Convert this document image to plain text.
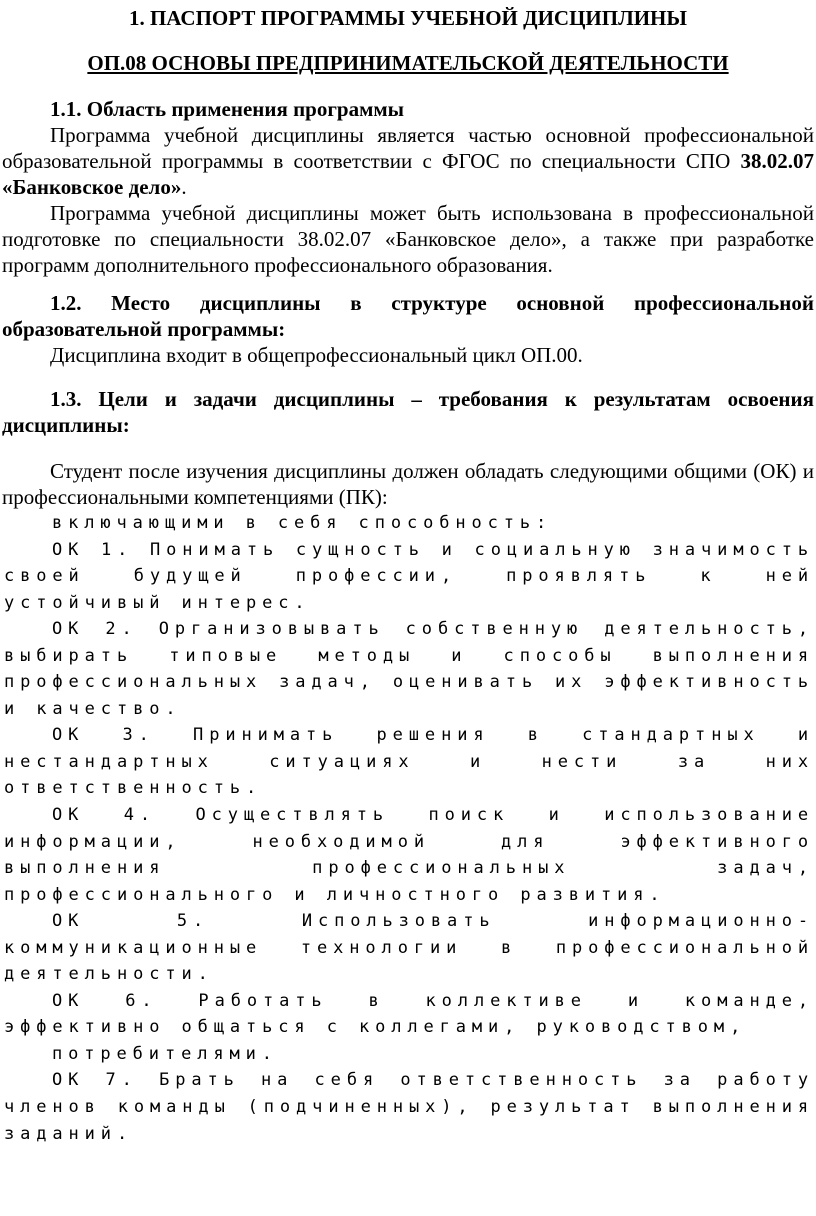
1. ПАСПОРТ ПРОГРАММЫ УЧЕБНОЙ ДИСЦИПЛИНЫ
ОП.08 ОСНОВЫ ПРЕДПРИНИМАТЕЛЬСКОЙ ДЕЯТЕЛЬНОСТИ
1.1. Область применения программы
Программа учебной дисциплины является частью основной профессиональной образовательной программы в соответствии с ФГОС по специальности СПО 38.02.07 «Банковское дело».
Программа учебной дисциплины может быть использована в профессиональной подготовке по специальности 38.02.07 «Банковское дело», а также при разработке программ дополнительного профессионального образования.
1.2. Место дисциплины в структуре основной профессиональной образовательной программы:
Дисциплина входит в общепрофессиональный цикл ОП.00.
1.3. Цели и задачи дисциплины – требования к результатам освоения дисциплины:
Студент после изучения дисциплины должен обладать следующими общими (ОК) и профессиональными компетенциями (ПК):
включающими в себя способность:
ОК 1. Понимать сущность и социальную значимость своей будущей профессии, проявлять к ней устойчивый интерес.
ОК 2. Организовывать собственную деятельность, выбирать типовые методы и способы выполнения профессиональных задач, оценивать их эффективность и качество.
ОК 3. Принимать решения в стандартных и нестандартных ситуациях и нести за них ответственность.
ОК 4. Осуществлять поиск и использование информации, необходимой для эффективного выполнения профессиональных задач, профессионального и личностного развития.
ОК 5. Использовать информационно-коммуникационные технологии в профессиональной деятельности.
ОК 6. Работать в коллективе и команде, эффективно общаться с коллегами, руководством,
потребителями.
ОК 7. Брать на себя ответственность за работу членов команды (подчиненных), результат выполнения заданий.
